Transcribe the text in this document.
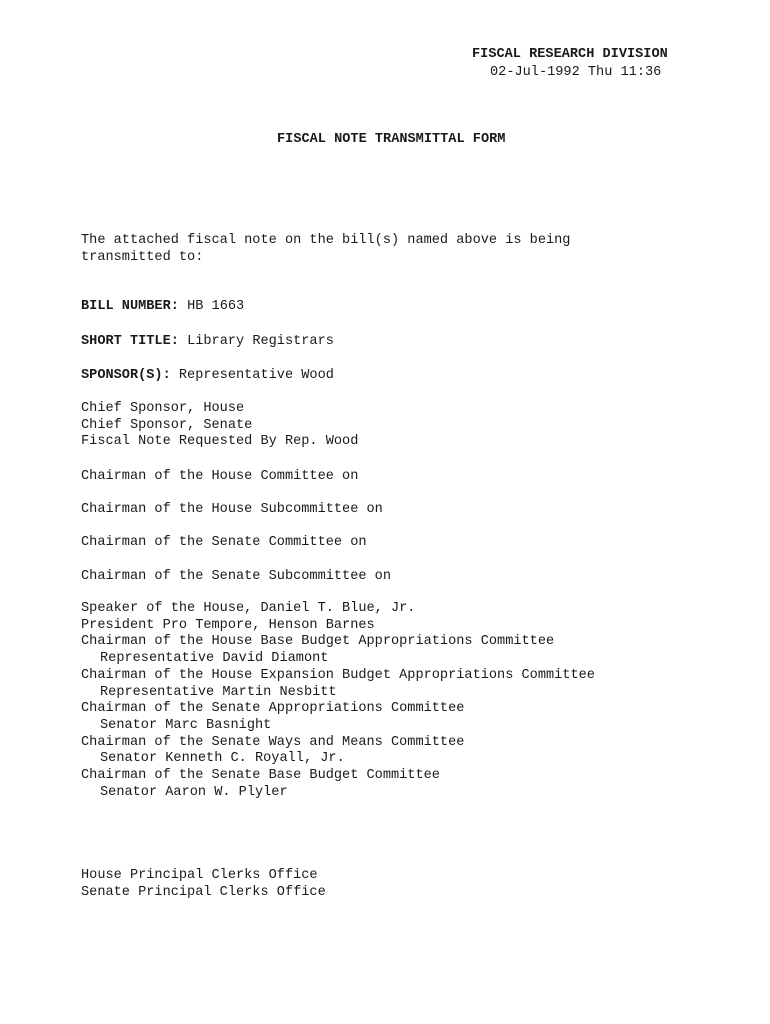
FISCAL RESEARCH DIVISION
02-Jul-1992 Thu 11:36
FISCAL NOTE TRANSMITTAL FORM
The attached fiscal note on the bill(s) named above is being
transmitted to:
BILL NUMBER: HB 1663
SHORT TITLE: Library Registrars
SPONSOR(S): Representative Wood
Chief Sponsor, House
Chief Sponsor, Senate
Fiscal Note Requested By Rep. Wood
Chairman of the House Committee on
Chairman of the House Subcommittee on
Chairman of the Senate Committee on
Chairman of the Senate Subcommittee on
Speaker of the House, Daniel T. Blue, Jr.
President Pro Tempore, Henson Barnes
Chairman of the House Base Budget Appropriations Committee
Representative David Diamont
Chairman of the House Expansion Budget Appropriations Committee
Representative Martin Nesbitt
Chairman of the Senate Appropriations Committee
Senator Marc Basnight
Chairman of the Senate Ways and Means Committee
Senator Kenneth C. Royall, Jr.
Chairman of the Senate Base Budget Committee
Senator Aaron W. Plyler
House Principal Clerks Office
Senate Principal Clerks Office
